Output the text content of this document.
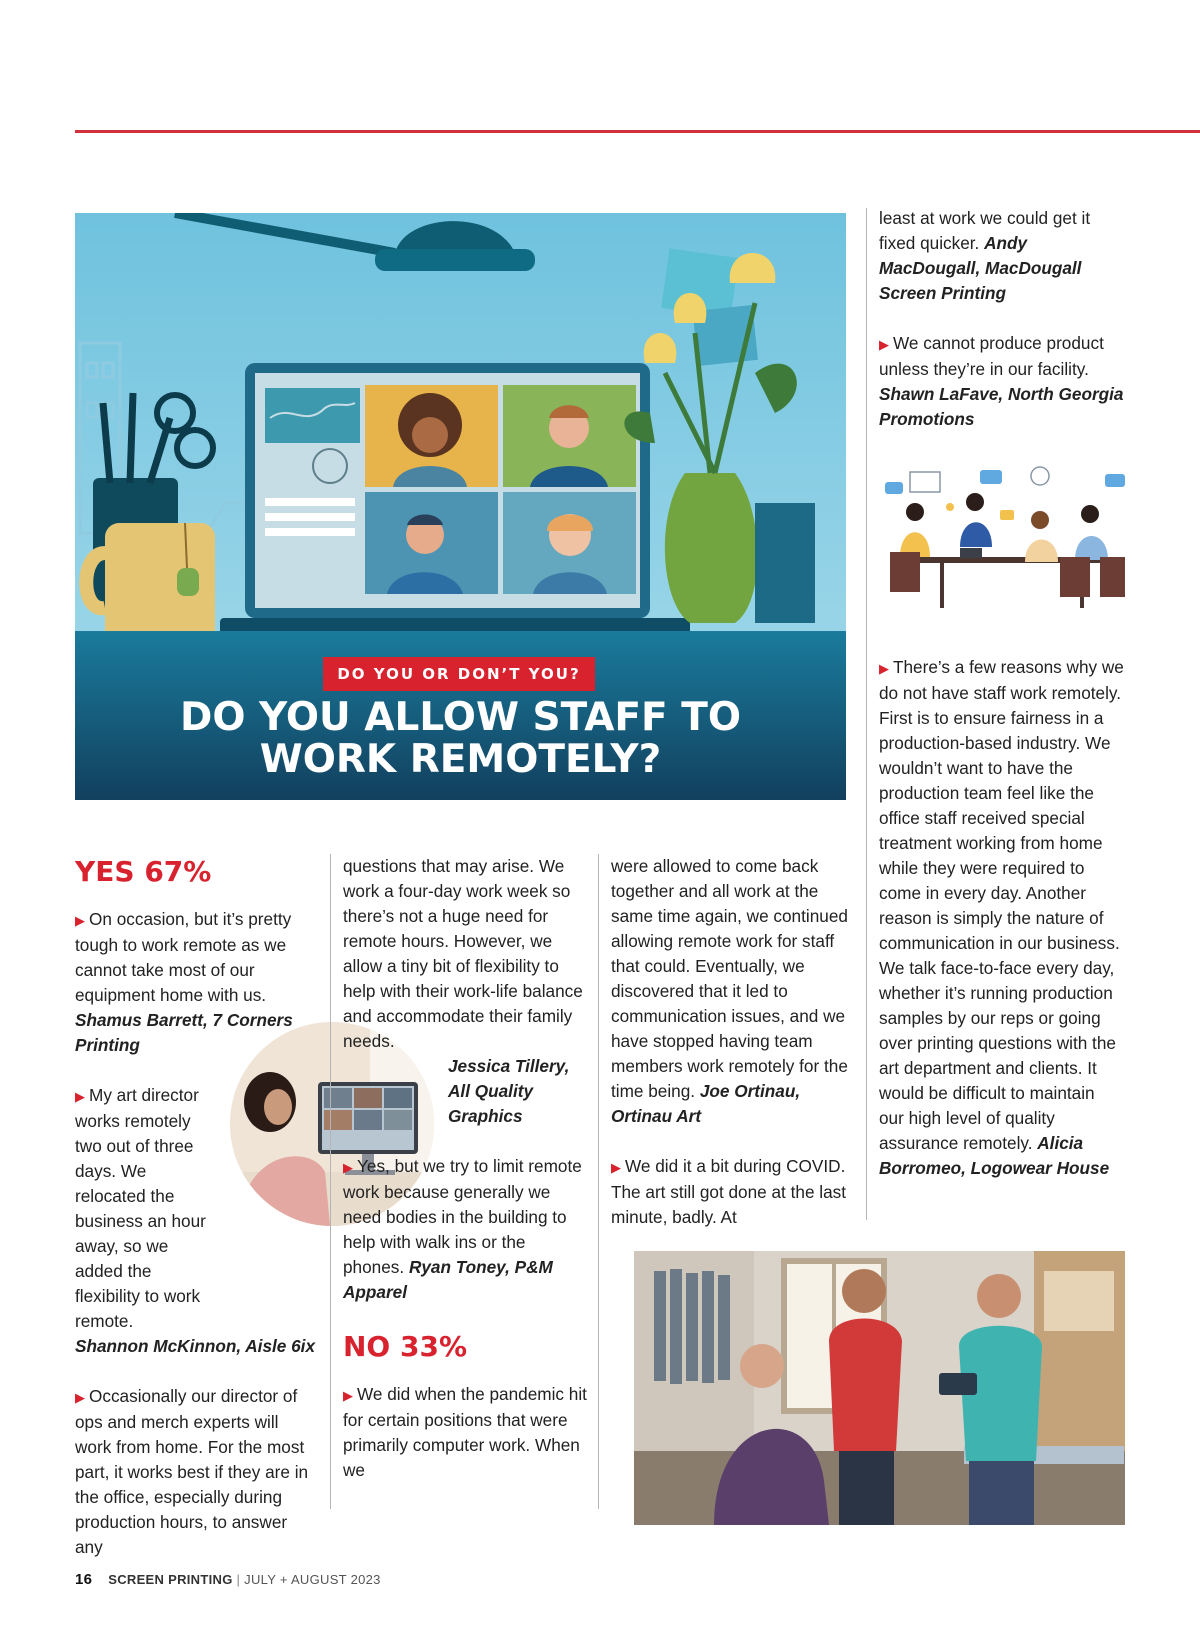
DO YOU OR DON’T YOU?
DO YOU ALLOW STAFF TO
WORK REMOTELY?
YES 67%

▶ On occasion, but it’s pretty tough to work remote as we cannot take most of our equipment home with us. Shamus Barrett, 7 Corners Printing

▶ My art director works remotely two out of three days. We relocated the business an hour away, so we added the flexibility to work remote.

Shannon McKinnon, Aisle 6ix

▶ Occasionally our director of ops and merch experts will work from home. For the most part, it works best if they are in the office, especially during production hours, to answer any

questions that may arise. We work a four-day work week so there’s not a huge need for remote hours. However, we allow a tiny bit of flexibility to help with their work-life balance and accommodate their family needs.

Jessica Tillery, All Quality Graphics

▶ Yes, but we try to limit remote work because generally we need bodies in the building to help with walk ins or the phones. Ryan Toney, P&M Apparel

NO 33%

▶ We did when the pandemic hit for certain positions that were primarily computer work. When we

were allowed to come back together and all work at the same time again, we continued allowing remote work for staff that could. Eventually, we discovered that it led to communication issues, and we have stopped having team members work remotely for the time being. Joe Ortinau, Ortinau Art

▶ We did it a bit during COVID. The art still got done at the last minute, badly. At

least at work we could get it fixed quicker. Andy MacDougall, MacDougall Screen Printing

▶ We cannot produce product unless they’re in our facility. Shawn LaFave, North Georgia Promotions

▶ There’s a few reasons why we do not have staff work remotely. First is to ensure fairness in a production-based industry. We wouldn’t want to have the production team feel like the office staff received special treatment working from home while they were required to come in every day. Another reason is simply the nature of communication in our business. We talk face-to-face every day, whether it’s running production samples by our reps or going over printing questions with the art department and clients. It would be difficult to maintain our high level of quality assurance remotely. Alicia Borromeo, Logowear House

16 SCREEN PRINTING | JULY + AUGUST 2023
